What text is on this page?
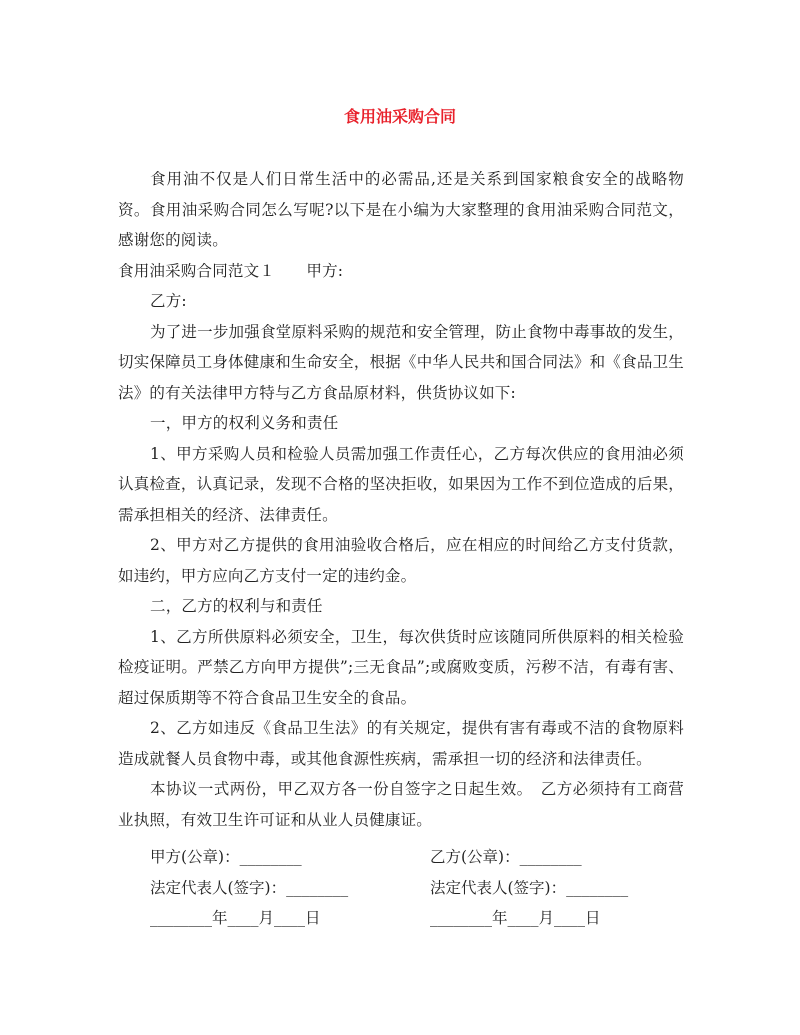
食用油采购合同

食用油不仅是人们日常生活中的必需品,还是关系到国家粮食安全的战略物资。食用油采购合同怎么写呢?以下是在小编为大家整理的食用油采购合同范文，感谢您的阅读。

食用油采购合同范文１　　甲方:

乙方:

为了进一步加强食堂原料采购的规范和安全管理，防止食物中毒事故的发生，切实保障员工身体健康和生命安全，根据《中华人民共和国合同法》和《食品卫生法》的有关法律甲方特与乙方食品原材料，供货协议如下:

一，甲方的权利义务和责任

1、甲方采购人员和检验人员需加强工作责任心，乙方每次供应的食用油必须认真检查，认真记录，发现不合格的坚决拒收，如果因为工作不到位造成的后果，需承担相关的经济、法律责任。

2、甲方对乙方提供的食用油验收合格后，应在相应的时间给乙方支付货款，如违约，甲方应向乙方支付一定的违约金。

二，乙方的权利与和责任

1、乙方所供原料必须安全，卫生，每次供货时应该随同所供原料的相关检验检疫证明。严禁乙方向甲方提供”;三无食品”;或腐败变质，污秽不洁，有毒有害、超过保质期等不符合食品卫生安全的食品。

2、乙方如违反《食品卫生法》的有关规定，提供有害有毒或不洁的食物原料造成就餐人员食物中毒，或其他食源性疾病，需承担一切的经济和法律责任。

本协议一式两份，甲乙双方各一份自签字之日起生效。　乙方必须持有工商营业执照，有效卫生许可证和从业人员健康证。

甲方(公章)：________	乙方(公章)：________
法定代表人(签字)：________	法定代表人(签字)：________
________年____月____日	________年____月____日
